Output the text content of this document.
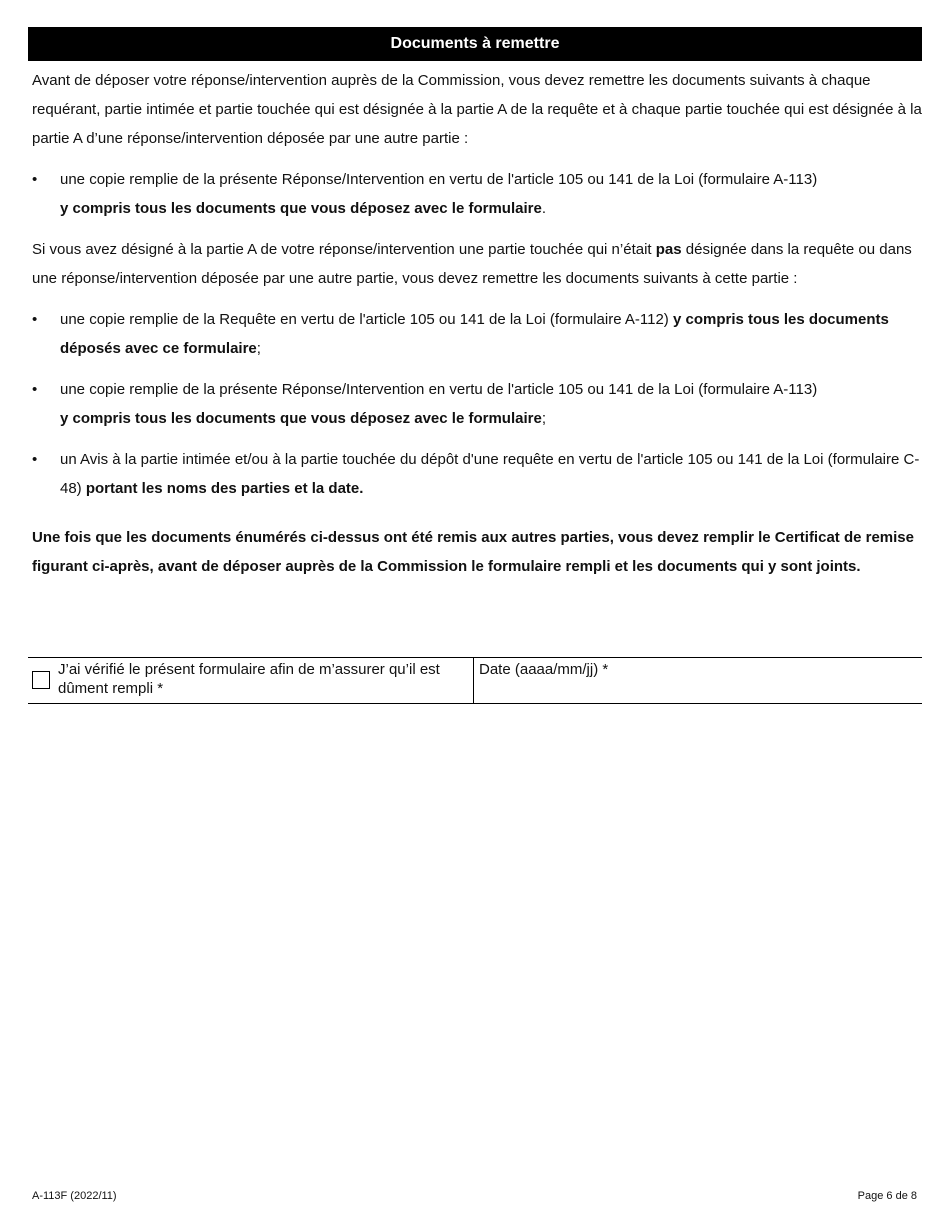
Documents à remettre

Avant de déposer votre réponse/intervention auprès de la Commission, vous devez remettre les documents suivants à chaque requérant, partie intimée et partie touchée qui est désignée à la partie A de la requête et à chaque partie touchée qui est désignée à la partie A d’une réponse/intervention déposée par une autre partie :

•	une copie remplie de la présente Réponse/Intervention en vertu de l'article 105 ou 141 de la Loi (formulaire A-113)
y compris tous les documents que vous déposez avec le formulaire.

Si vous avez désigné à la partie A de votre réponse/intervention une partie touchée qui n’était pas désignée dans la requête ou dans une réponse/intervention déposée par une autre partie, vous devez remettre les documents suivants à cette partie :

•	une copie remplie de la Requête en vertu de l'article 105 ou 141 de la Loi (formulaire A-112) y compris tous les documents déposés avec ce formulaire;
•	une copie remplie de la présente Réponse/Intervention en vertu de l'article 105 ou 141 de la Loi (formulaire A-113)
y compris tous les documents que vous déposez avec le formulaire;
•	un Avis à la partie intimée et/ou à la partie touchée du dépôt d'une requête en vertu de l'article 105 ou 141 de la Loi (formulaire C-48) portant les noms des parties et la date.

Une fois que les documents énumérés ci-dessus ont été remis aux autres parties, vous devez remplir le Certificat de remise figurant ci-après, avant de déposer auprès de la Commission le formulaire rempli et les documents qui y sont joints.

J’ai vérifié le présent formulaire afin de m’assurer qu’il est dûment rempli *
Date (aaaa/mm/jj) *
A-113F (2022/11)	Page 6 de 8
